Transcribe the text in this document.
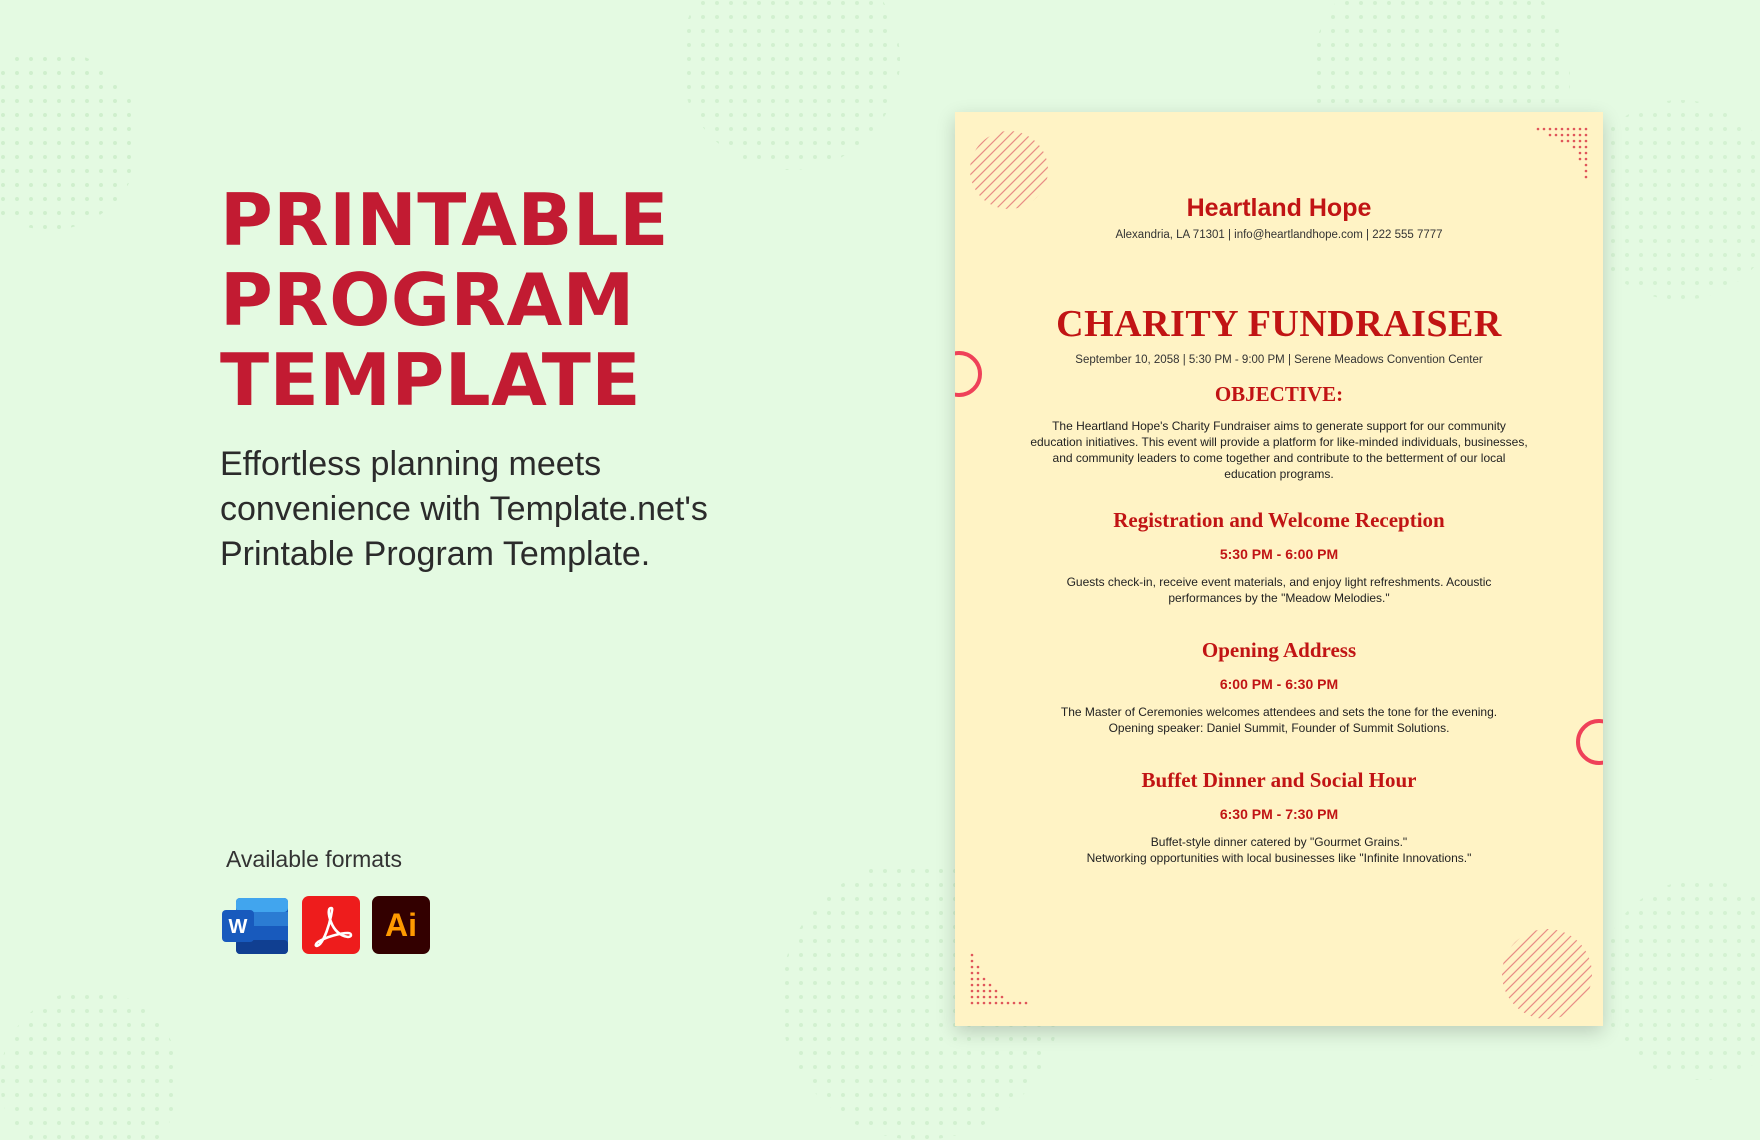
PRINTABLE
PROGRAM
TEMPLATE

Effortless planning meets convenience with Template.net's Printable Program Template.

Available formats
W	Ai
Heartland Hope
Alexandria, LA 71301 | info@heartlandhope.com | 222 555 7777
CHARITY FUNDRAISER
September 10, 2058 | 5:30 PM - 9:00 PM | Serene Meadows Convention Center
OBJECTIVE:
The Heartland Hope's Charity Fundraiser aims to generate support for our community education initiatives. This event will provide a platform for like-minded individuals, businesses, and community leaders to come together and contribute to the betterment of our local education programs.
Registration and Welcome Reception
5:30 PM - 6:00 PM
Guests check-in, receive event materials, and enjoy light refreshments. Acoustic
performances by the "Meadow Melodies."
Opening Address
6:00 PM - 6:30 PM
The Master of Ceremonies welcomes attendees and sets the tone for the evening.
Opening speaker: Daniel Summit, Founder of Summit Solutions.
Buffet Dinner and Social Hour
6:30 PM - 7:30 PM
Buffet-style dinner catered by "Gourmet Grains."
Networking opportunities with local businesses like "Infinite Innovations."
